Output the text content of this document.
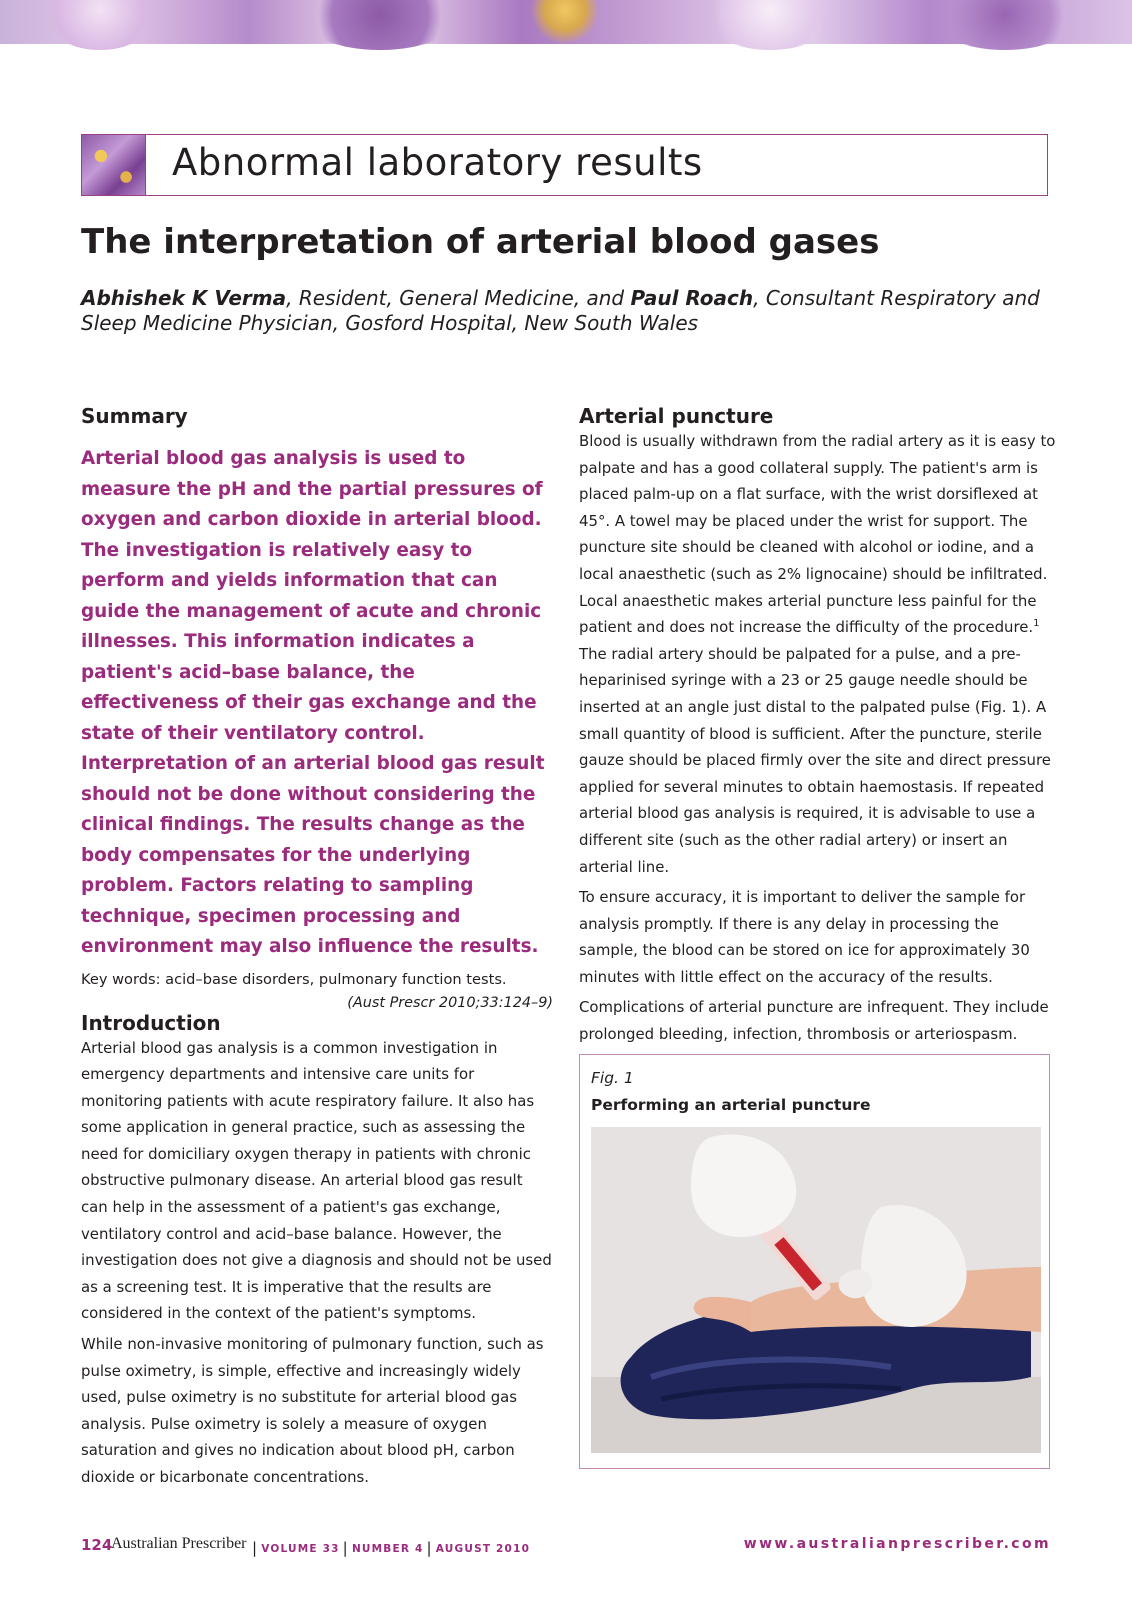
Abnormal laboratory results
The interpretation of arterial blood gases

Abhishek K Verma, Resident, General Medicine, and Paul Roach, Consultant Respiratory and Sleep Medicine Physician, Gosford Hospital, New South Wales

Summary

Arterial blood gas analysis is used to measure the pH and the partial pressures of oxygen and carbon dioxide in arterial blood. The investigation is relatively easy to perform and yields information that can guide the management of acute and chronic illnesses. This information indicates a patient's acid–base balance, the effectiveness of their gas exchange and the state of their ventilatory control. Interpretation of an arterial blood gas result should not be done without considering the clinical findings. The results change as the body compensates for the underlying problem. Factors relating to sampling technique, specimen processing and environment may also influence the results.

Key words: acid–base disorders, pulmonary function tests.

(Aust Prescr 2010;33:124–9)

Introduction

Arterial blood gas analysis is a common investigation in emergency departments and intensive care units for monitoring patients with acute respiratory failure. It also has some application in general practice, such as assessing the need for domiciliary oxygen therapy in patients with chronic obstructive pulmonary disease. An arterial blood gas result can help in the assessment of a patient's gas exchange, ventilatory control and acid–base balance. However, the investigation does not give a diagnosis and should not be used as a screening test. It is imperative that the results are considered in the context of the patient's symptoms.

While non-invasive monitoring of pulmonary function, such as pulse oximetry, is simple, effective and increasingly widely used, pulse oximetry is no substitute for arterial blood gas analysis. Pulse oximetry is solely a measure of oxygen saturation and gives no indication about blood pH, carbon dioxide or bicarbonate concentrations.

Arterial puncture

Blood is usually withdrawn from the radial artery as it is easy to palpate and has a good collateral supply. The patient's arm is placed palm-up on a flat surface, with the wrist dorsiflexed at 45°. A towel may be placed under the wrist for support. The puncture site should be cleaned with alcohol or iodine, and a local anaesthetic (such as 2% lignocaine) should be infiltrated. Local anaesthetic makes arterial puncture less painful for the patient and does not increase the difficulty of the procedure.$^1$ The radial artery should be palpated for a pulse, and a pre-heparinised syringe with a 23 or 25 gauge needle should be inserted at an angle just distal to the palpated pulse (Fig. 1). A small quantity of blood is sufficient. After the puncture, sterile gauze should be placed firmly over the site and direct pressure applied for several minutes to obtain haemostasis. If repeated arterial blood gas analysis is required, it is advisable to use a different site (such as the other radial artery) or insert an arterial line.

To ensure accuracy, it is important to deliver the sample for analysis promptly. If there is any delay in processing the sample, the blood can be stored on ice for approximately 30 minutes with little effect on the accuracy of the results.

Complications of arterial puncture are infrequent. They include prolonged bleeding, infection, thrombosis or arteriospasm.

Fig. 1

Performing an arterial puncture

124
Australian Prescriber | VOLUME 33 | NUMBER 4 | AUGUST 2010	www.australianprescriber.com
